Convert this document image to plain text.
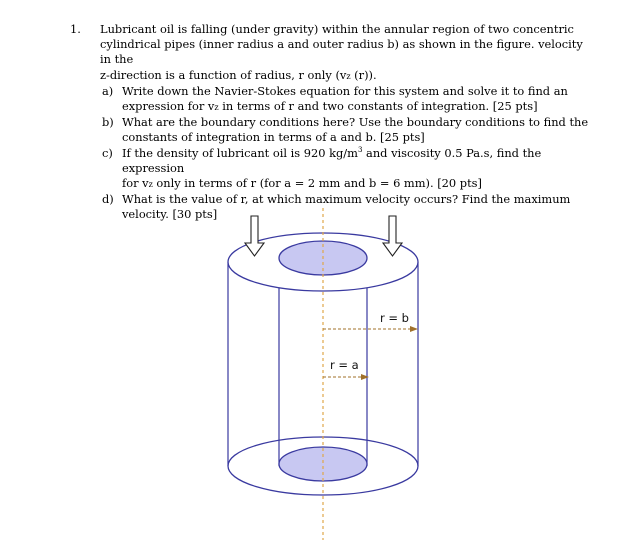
1.	Lubricant oil is falling (under gravity) within the annular region of two concentric
cylindrical pipes (inner radius a and outer radius b) as shown in the figure. velocity in the
z-direction is a function of radius, r only (vz (r)).
a) Write down the Navier-Stokes equation for this system and solve it to find an
expression for vz in terms of r and two constants of integration. [25 pts]
b) What are the boundary conditions here? Use the boundary conditions to find the
constants of integration in terms of a and b. [25 pts]
c) If the density of lubricant oil is 920 $kg/m^3$ and viscosity 0.5 Pa.s, find the expression
for vz only in terms of r (for a = 2 mm and b = 6 mm). [20 pts]
d) What is the value of r, at which maximum velocity occurs? Find the maximum
velocity. [30 pts]
r = b
r = a
